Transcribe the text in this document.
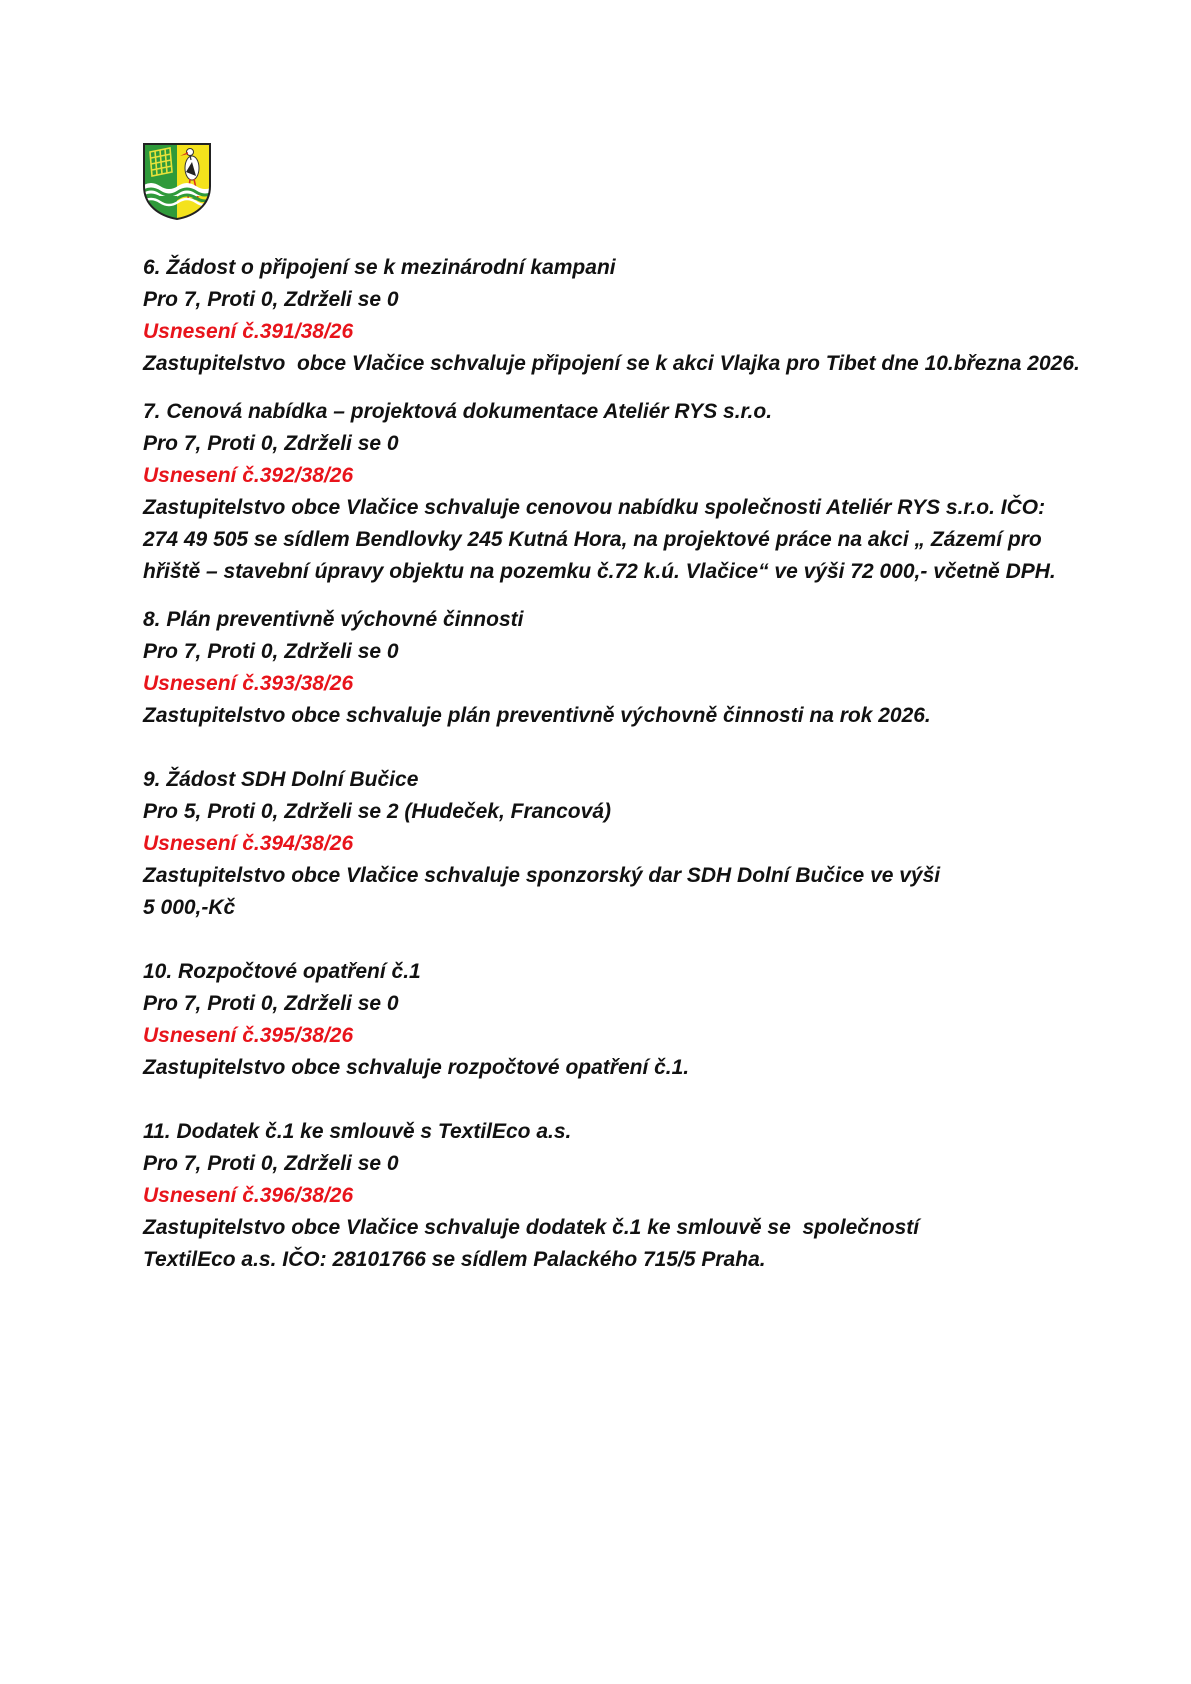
6. Žádost o připojení se k mezinárodní kampani

Pro 7, Proti 0, Zdrželi se 0

Usnesení č.391/38/26

Zastupitelstvo  obce Vlačice schvaluje připojení se k akci Vlajka pro Tibet dne 10.března 2026.

7. Cenová nabídka – projektová dokumentace Ateliér RYS s.r.o.

Pro 7, Proti 0, Zdrželi se 0

Usnesení č.392/38/26

Zastupitelstvo obce Vlačice schvaluje cenovou nabídku společnosti Ateliér RYS s.r.o. IČO: 274 49 505 se sídlem Bendlovky 245 Kutná Hora, na projektové práce na akci „ Zázemí pro hřiště – stavební úpravy objektu na pozemku č.72 k.ú. Vlačice“ ve výši 72 000,- včetně DPH.

8. Plán preventivně výchovné činnosti

Pro 7, Proti 0, Zdrželi se 0

Usnesení č.393/38/26

Zastupitelstvo obce schvaluje plán preventivně výchovně činnosti na rok 2026.

9. Žádost SDH Dolní Bučice

Pro 5, Proti 0, Zdrželi se 2 (Hudeček, Francová)

Usnesení č.394/38/26

Zastupitelstvo obce Vlačice schvaluje sponzorský dar SDH Dolní Bučice ve výši
5 000,-Kč

10. Rozpočtové opatření č.1

Pro 7, Proti 0, Zdrželi se 0

Usnesení č.395/38/26

Zastupitelstvo obce schvaluje rozpočtové opatření č.1.

11. Dodatek č.1 ke smlouvě s TextilEco a.s.

Pro 7, Proti 0, Zdrželi se 0

Usnesení č.396/38/26

Zastupitelstvo obce Vlačice schvaluje dodatek č.1 ke smlouvě se  společností
TextilEco a.s. IČO: 28101766 se sídlem Palackého 715/5 Praha.
